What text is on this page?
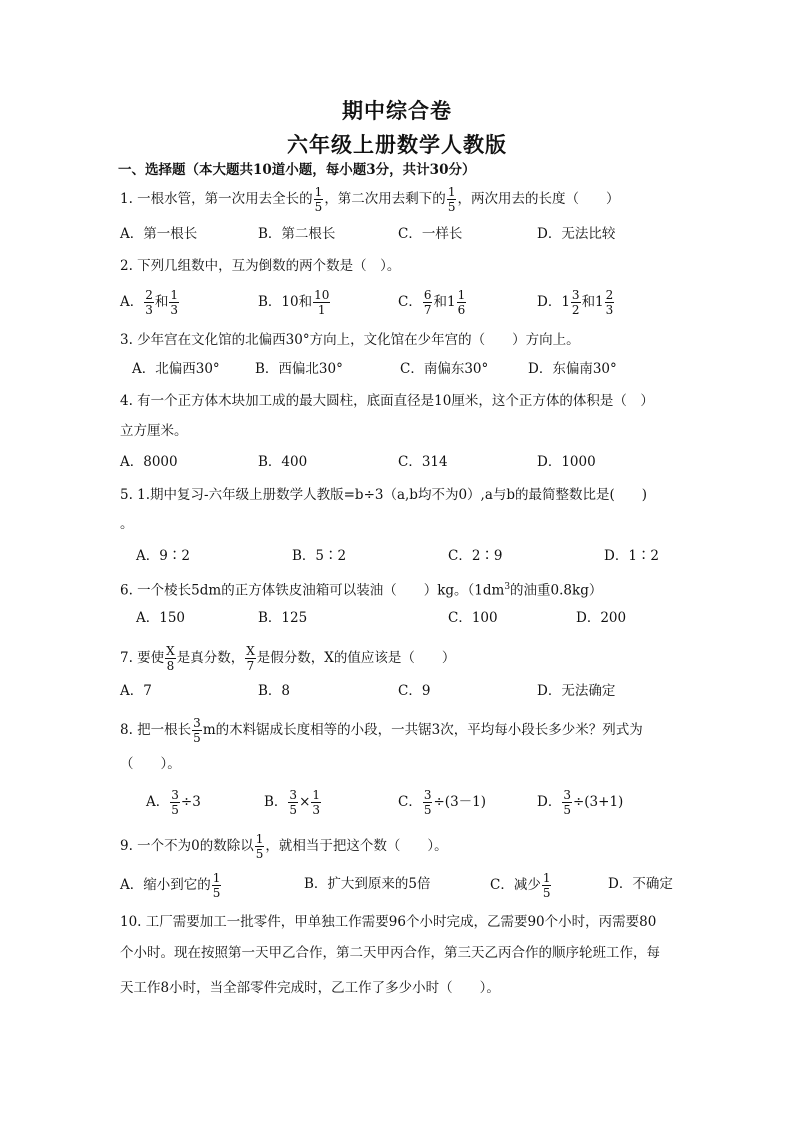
期中综合卷
六年级上册数学人教版
一、选择题（本大题共10道小题，每小题3分，共计30分）
1. 一根水管，第一次用去全长的 $\frac{1}{5}$ ，第二次用去剩下的 $\frac{1}{5}$ ，两次用去的长度（　　）
A．第一根长	B．第二根长	C．一样长	D．无法比较
2. 下列几组数中，互为倒数的两个数是（　）。
A． $\frac{2}{3}$ 和 $\frac{1}{3}$	B．10和 $\frac{10}{1}$	C． $\frac{6}{7}$ 和$1 \frac{1}{6}$	D．$1 \frac{3}{2}$ 和$1 \frac{2}{3}$
3. 少年宫在文化馆的北偏西30°方向上，文化馆在少年宫的（　　）方向上。
A．北偏西30°	B．西偏北30°	C．南偏东30°	D．东偏南30°
4. 有一个正方体木块加工成的最大圆柱，底面直径是10厘米，这个正方体的体积是（　）
立方厘米。
A．8000	B．400	C．314	D．1000
5. 1.期中复习-六年级上册数学人教版=b÷3（a,b均不为0）,a与b的最简整数比是(　　)
。
A．9∶2	B．5∶2	C．2∶9	D．1∶2
6. 一个棱长5dm的正方体铁皮油箱可以装油（　　）kg。（$1dm^3$的油重0.8kg）
A．150	B．125	C．100	D．200
7. 要使 $\frac{X}{8}$ 是真分数， $\frac{X}{7}$ 是假分数，X的值应该是（　　）
A．7	B．8	C．9	D．无法确定
8. 把一根长 $\frac{3}{5}$ m的木料锯成长度相等的小段，一共锯3次，平均每小段长多少米？列式为
（　　）。
A． $\frac{3}{5} \div 3$	B． $\frac{3}{5} \times \frac{1}{3}$	C． $\frac{3}{5} \div(3-1)$	D． $\frac{3}{5} \div(3+1)$
9. 一个不为0的数除以 $\frac{1}{5}$ ，就相当于把这个数（　　）。
A．缩小到它的 $\frac{1}{5}$	B．扩大到原来的5倍	C．减少 $\frac{1}{5}$	D．不确定
10. 工厂需要加工一批零件，甲单独工作需要96个小时完成，乙需要90个小时，丙需要80
个小时。现在按照第一天甲乙合作，第二天甲丙合作，第三天乙丙合作的顺序轮班工作，每
天工作8小时，当全部零件完成时，乙工作了多少小时（　　）。
